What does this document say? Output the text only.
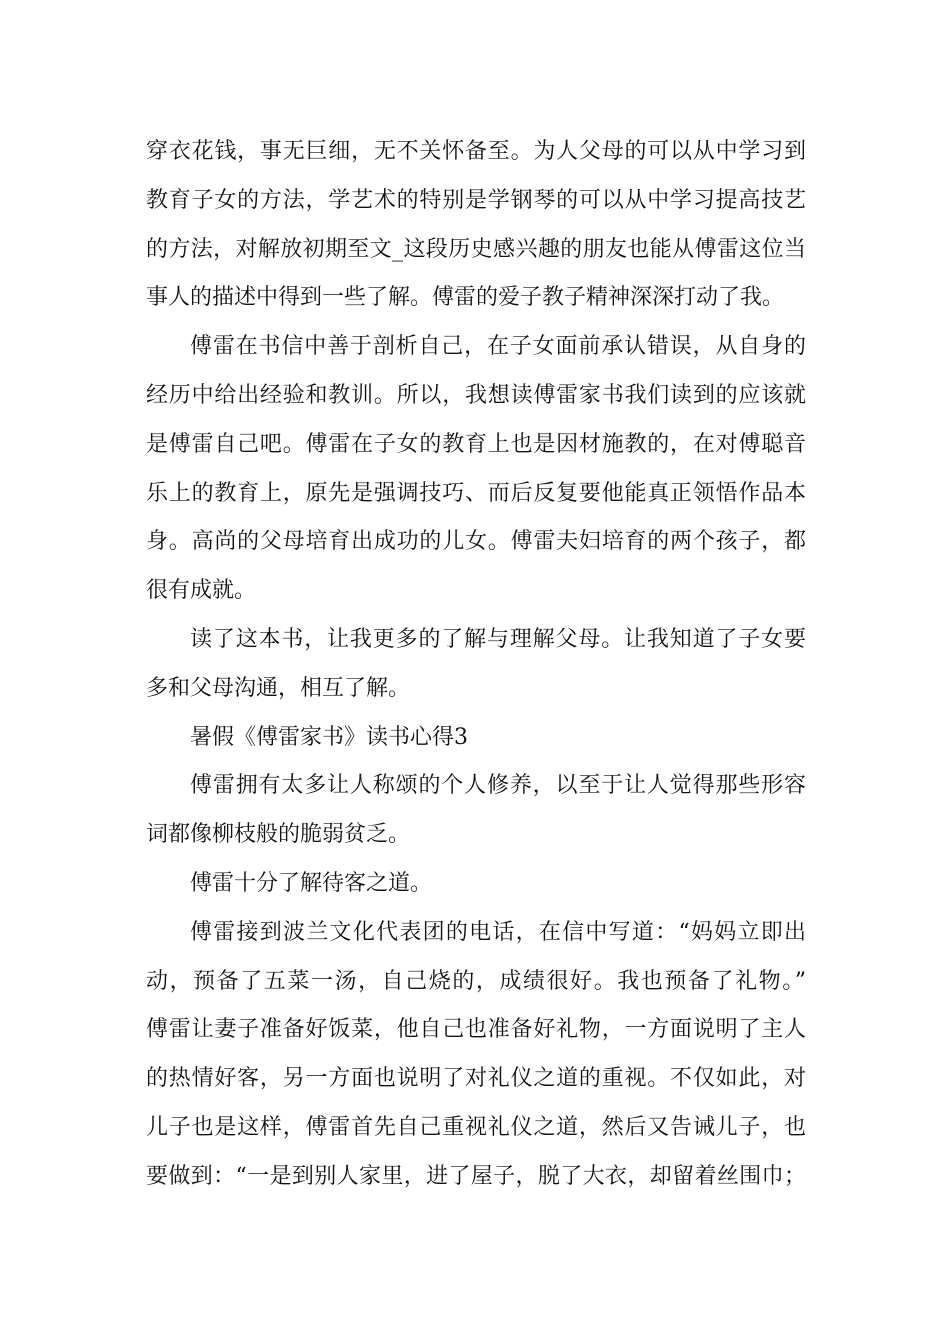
穿衣花钱，事无巨细，无不关怀备至。为人父母的可以从中学习到
教育子女的方法，学艺术的特别是学钢琴的可以从中学习提高技艺
的方法，对解放初期至文_这段历史感兴趣的朋友也能从傅雷这位当
事人的描述中得到一些了解。傅雷的爱子教子精神深深打动了我。
傅雷在书信中善于剖析自己，在子女面前承认错误，从自身的
经历中给出经验和教训。所以，我想读傅雷家书我们读到的应该就
是傅雷自己吧。傅雷在子女的教育上也是因材施教的，在对傅聪音
乐上的教育上，原先是强调技巧、而后反复要他能真正领悟作品本
身。高尚的父母培育出成功的儿女。傅雷夫妇培育的两个孩子，都
很有成就。
读了这本书，让我更多的了解与理解父母。让我知道了子女要
多和父母沟通，相互了解。
暑假《傅雷家书》读书心得3
傅雷拥有太多让人称颂的个人修养，以至于让人觉得那些形容
词都像柳枝般的脆弱贫乏。
傅雷十分了解待客之道。
傅雷接到波兰文化代表团的电话，在信中写道：“妈妈立即出
动，预备了五菜一汤，自己烧的，成绩很好。我也预备了礼物。”
傅雷让妻子准备好饭菜，他自己也准备好礼物，一方面说明了主人
的热情好客，另一方面也说明了对礼仪之道的重视。不仅如此，对
儿子也是这样，傅雷首先自己重视礼仪之道，然后又告诫儿子，也
要做到：“一是到别人家里，进了屋子，脱了大衣，却留着丝围巾；
